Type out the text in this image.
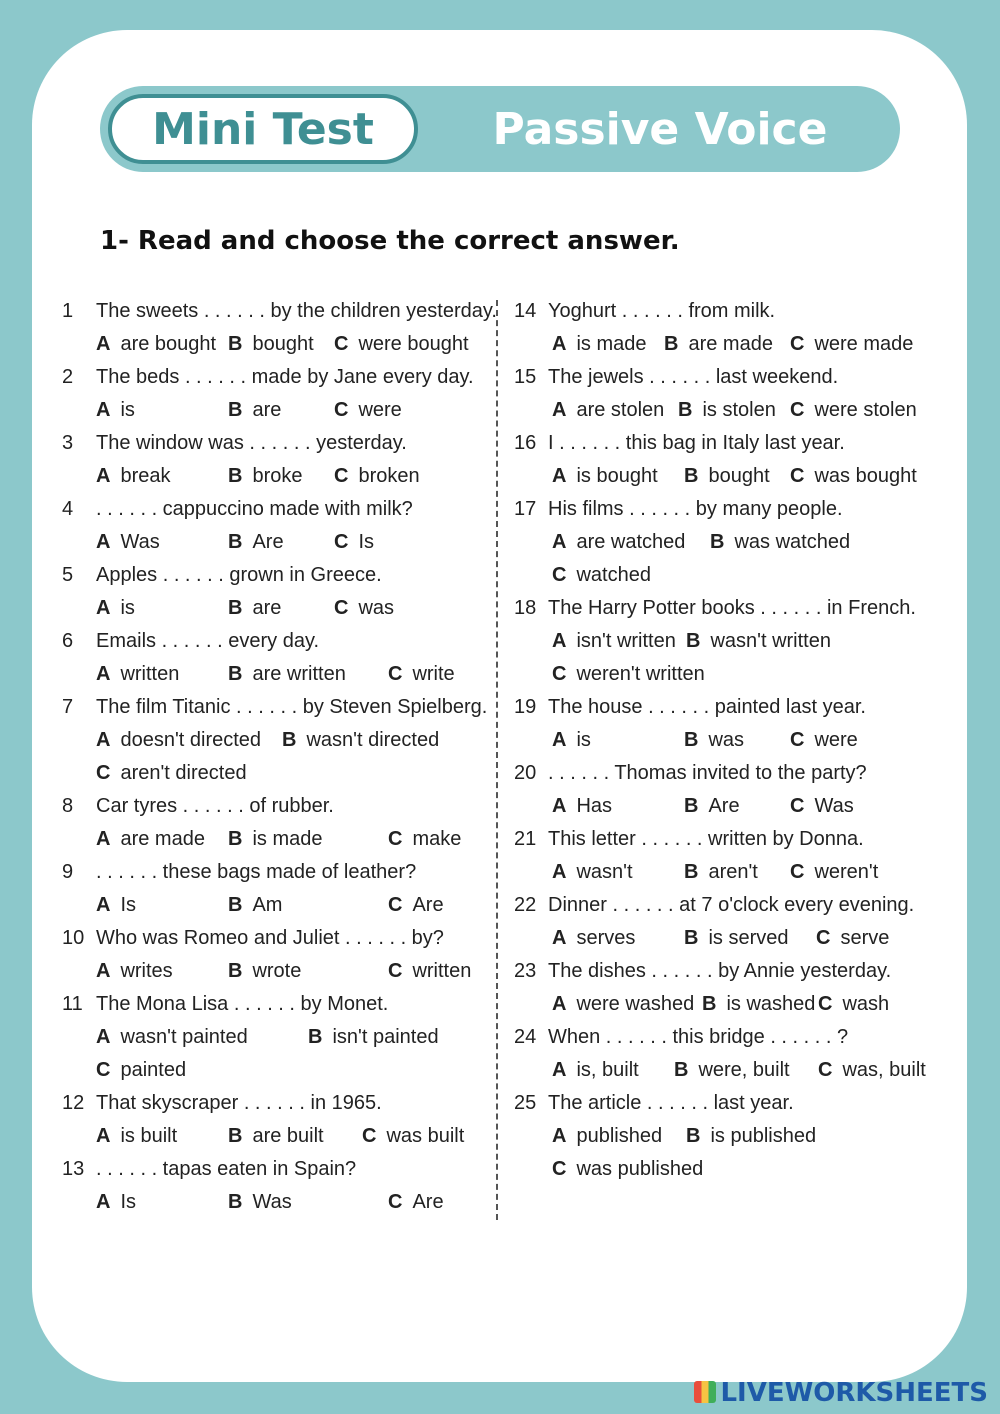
Mini Test	Passive Voice
1- Read and choose the correct answer.
1	The sweets . . . . . . by the children yesterday.
A are bought B bought C were bought
2	The beds . . . . . . made by Jane every day.
A is	B are	C were
3	The window was . . . . . . yesterday.
A break	B broke C broken
4	. . . . . . cappuccino made with milk?
A Was	B Are	C Is
5	Apples . . . . . . grown in Greece.
A is	B are	C was
6	Emails . . . . . . every day.
A written B are written C write
7	The film Titanic . . . . . . by Steven Spielberg.
A doesn't directed B wasn't directed
C aren't directed
8	Car tyres . . . . . . of rubber.
A are made B is made	C make
9	. . . . . . these bags made of leather?
A Is	B Am	C Are
10 Who was Romeo and Juliet . . . . . . by?
A writes	B wrote	C written
11 The Mona Lisa . . . . . . by Monet.
A wasn't painted	B isn't painted
C painted
12 That skyscraper . . . . . . in 1965.
A is built	B are built C was built
13 . . . . . . tapas eaten in Spain?
A Is	B Was	C Are
14 Yoghurt . . . . . . from milk.
A is made B are made C were made
15 The jewels . . . . . . last weekend.
A are stolen B is stolen C were stolen
16 I . . . . . . this bag in Italy last year.
A is bought B bought C was bought
17 His films . . . . . . by many people.
A are watched B was watched
C watched
18 The Harry Potter books . . . . . . in French.
A isn't written B wasn't written
C weren't written
19 The house . . . . . . painted last year.
A is	B was C were
20 . . . . . . Thomas invited to the party?
A Has	B Are	C Was
21 This letter . . . . . . written by Donna.
A wasn't	B aren't C weren't
22 Dinner . . . . . . at 7 o'clock every evening.
A serves B is served C serve
23 The dishes . . . . . . by Annie yesterday.
A were washed B is washed C wash
24 When . . . . . . this bridge . . . . . . ?
A is, built B were, built C was, built
25 The article . . . . . . last year.
A published B is published
C was published
LIVEWORKSHEETS
